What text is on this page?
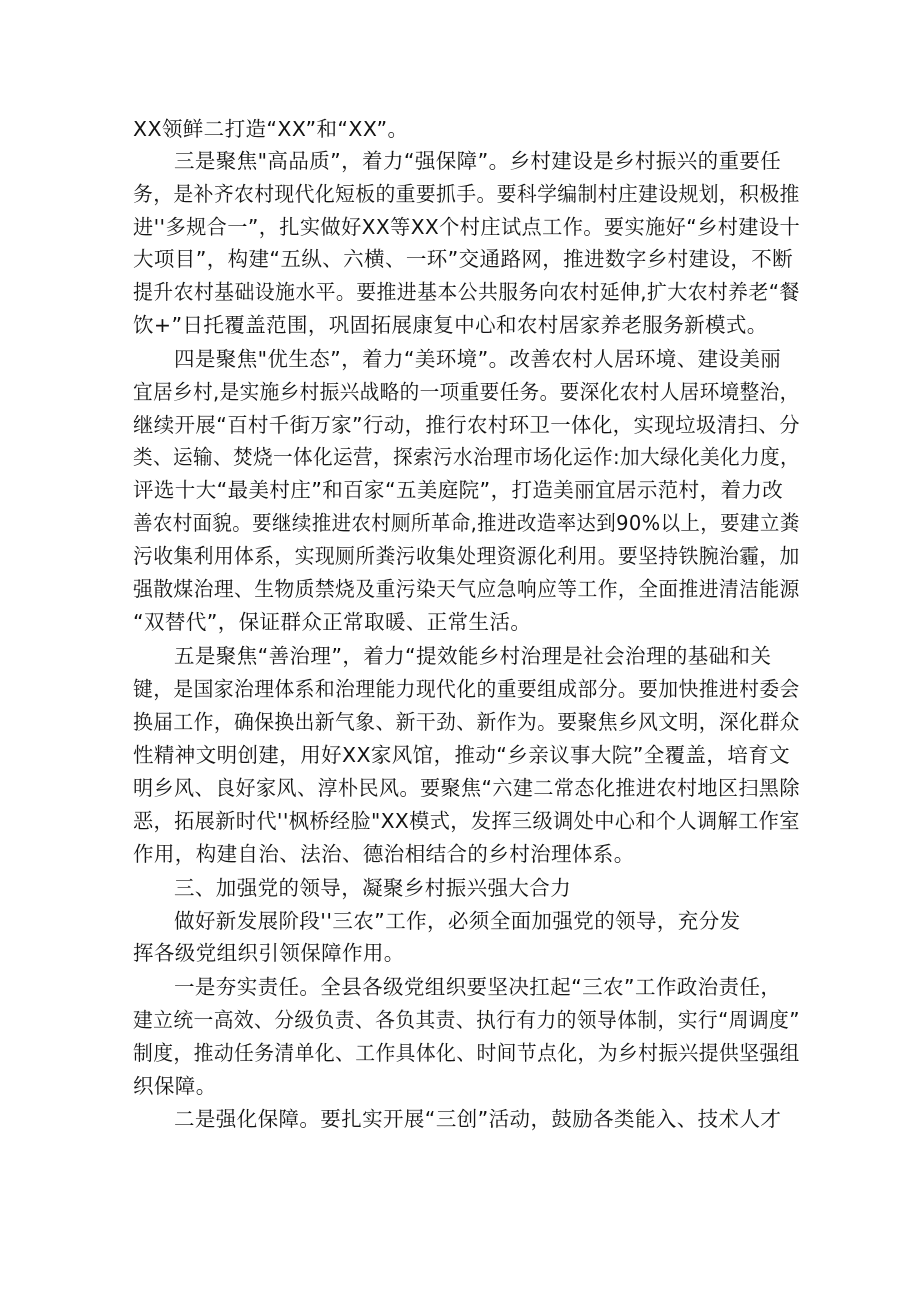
XX领鲜二打造“XX”和“XX”。
三是聚焦"高品质”，着力“强保障”。乡村建设是乡村振兴的重要任
务，是补齐农村现代化短板的重要抓手。要科学编制村庄建设规划，积极推
进''多规合一”，扎实做好XX等XX个村庄试点工作。要实施好“乡村建设十
大项目”，构建“五纵、六横、一环”交通路网，推进数字乡村建设，不断
提升农村基础设施水平。要推进基本公共服务向农村延伸,扩大农村养老“餐
饮+”日托覆盖范围，巩固拓展康复中心和农村居家养老服务新模式。
四是聚焦"优生态”，着力“美环境”。改善农村人居环境、建设美丽
宜居乡村,是实施乡村振兴战略的一项重要任务。要深化农村人居环境整治，
继续开展“百村千街万家”行动，推行农村环卫一体化，实现垃圾清扫、分
类、运输、焚烧一体化运营，探索污水治理市场化运作:加大绿化美化力度，
评选十大“最美村庄”和百家“五美庭院”，打造美丽宜居示范村，着力改
善农村面貌。要继续推进农村厕所革命,推进改造率达到90%以上，要建立粪
污收集利用体系，实现厕所粪污收集处理资源化利用。要坚持铁腕治霾，加
强散煤治理、生物质禁烧及重污染天气应急响应等工作，全面推进清洁能源
“双替代”，保证群众正常取暖、正常生活。
五是聚焦“善治理”，着力“提效能乡村治理是社会治理的基础和关
键，是国家治理体系和治理能力现代化的重要组成部分。要加快推进村委会
换届工作，确保换出新气象、新干劲、新作为。要聚焦乡风文明，深化群众
性精神文明创建，用好XX家风馆，推动“乡亲议事大院”全覆盖，培育文
明乡风、良好家风、淳朴民风。要聚焦“六建二常态化推进农村地区扫黑除
恶，拓展新时代''枫桥经脸"XX模式，发挥三级调处中心和个人调解工作室
作用，构建自治、法治、德治相结合的乡村治理体系。
三、加强党的领导，凝聚乡村振兴强大合力
做好新发展阶段''三农”工作，必须全面加强党的领导，充分发
挥各级党组织引领保障作用。
一是夯实责任。全县各级党组织要坚决扛起“三农”工作政治责任，
建立统一高效、分级负责、各负其责、执行有力的领导体制，实行“周调度”
制度，推动任务清单化、工作具体化、时间节点化，为乡村振兴提供坚强组
织保障。
二是强化保障。要扎实开展“三创”活动，鼓励各类能入、技术人才
